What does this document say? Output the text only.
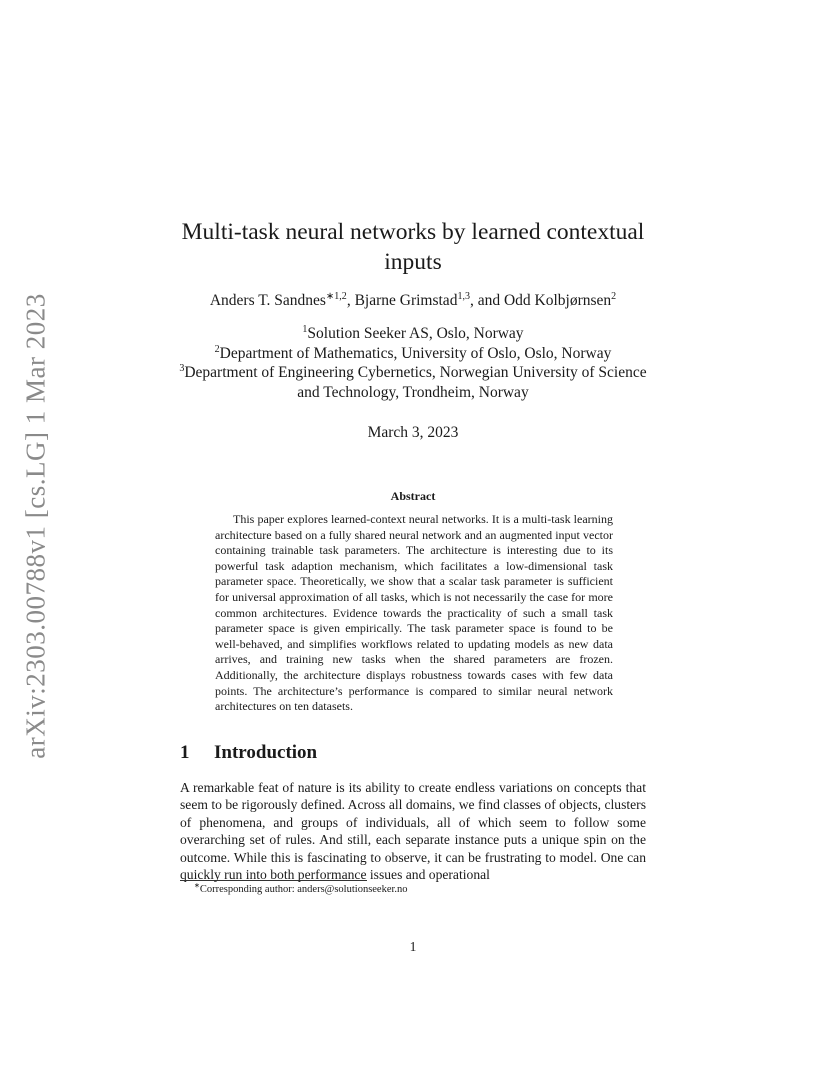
arXiv:2303.00788v1 [cs.LG] 1 Mar 2023
Multi-task neural networks by learned contextual inputs
Anders T. Sandnes$^{∗1,2}$, Bjarne Grimstad$^{1,3}$, and Odd Kolbjørnsen$^2$
$^1$Solution Seeker AS, Oslo, Norway
$^2$Department of Mathematics, University of Oslo, Oslo, Norway
$^3$Department of Engineering Cybernetics, Norwegian University of Science and Technology, Trondheim, Norway
March 3, 2023
Abstract
This paper explores learned-context neural networks. It is a multi-task learning architecture based on a fully shared neural network and an augmented input vector containing trainable task parameters. The architecture is interesting due to its powerful task adaption mechanism, which facilitates a low-dimensional task parameter space. Theoretically, we show that a scalar task parameter is sufficient for universal approximation of all tasks, which is not necessarily the case for more common architectures. Evidence towards the practicality of such a small task parameter space is given empirically. The task parameter space is found to be well-behaved, and simplifies workflows related to updating models as new data arrives, and training new tasks when the shared parameters are frozen. Additionally, the architecture displays robustness towards cases with few data points. The architecture’s performance is compared to similar neural network architectures on ten datasets.
1 Introduction
A remarkable feat of nature is its ability to create endless variations on concepts that seem to be rigorously defined. Across all domains, we find classes of objects, clusters of phenomena, and groups of individuals, all of which seem to follow some overarching set of rules. And still, each separate instance puts a unique spin on the outcome. While this is fascinating to observe, it can be frustrating to model. One can quickly run into both performance issues and operational
∗Corresponding author: anders@solutionseeker.no
1
